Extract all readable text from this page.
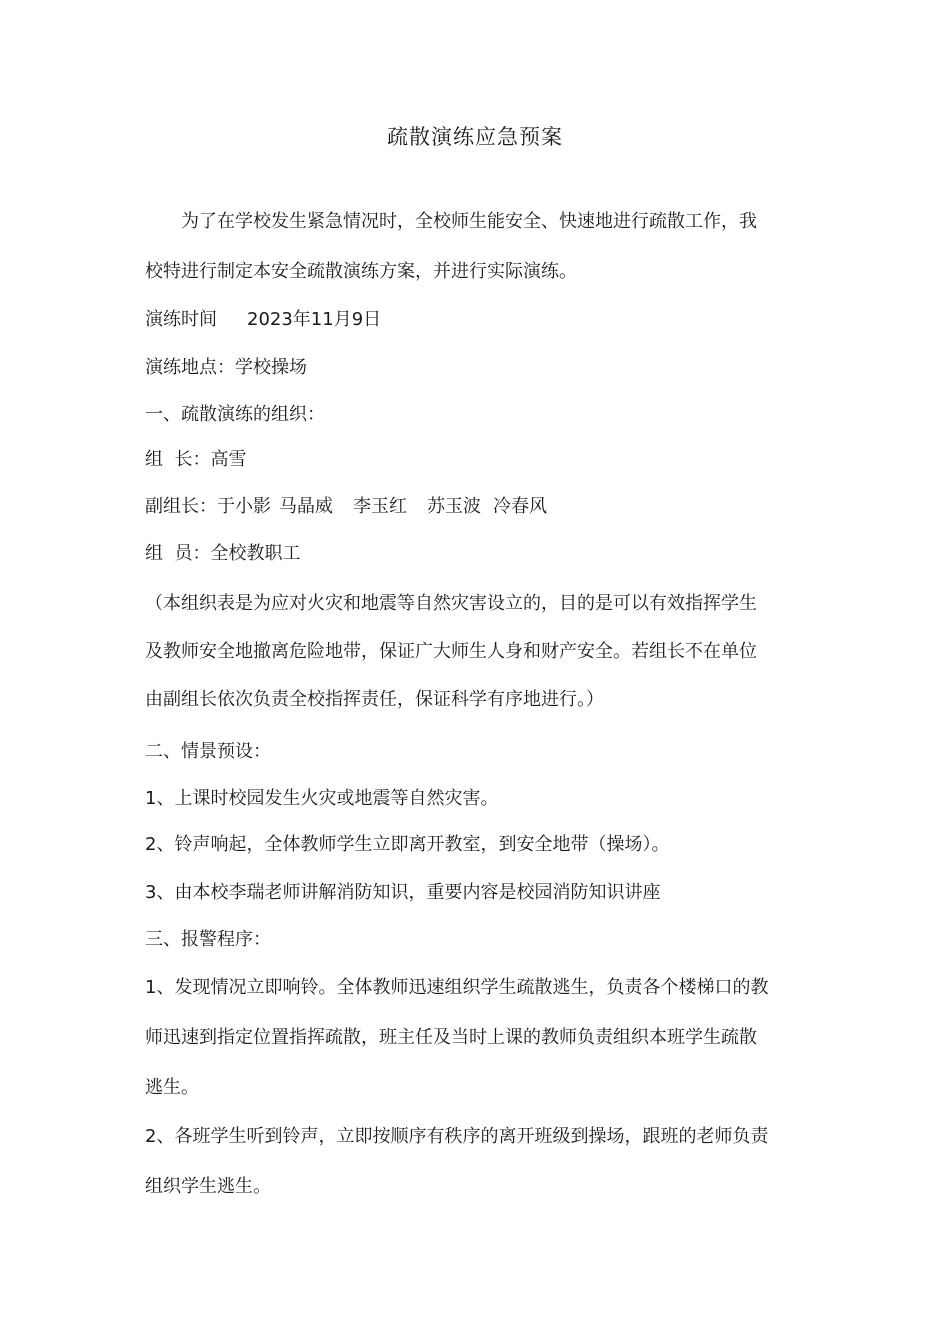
疏散演练应急预案
为了在学校发生紧急情况时，全校师生能安全、快速地进行疏散工作，我
校特进行制定本安全疏散演练方案，并进行实际演练。
演练时间 2023年11月9日
演练地点：学校操场
一、疏散演练的组织：
组  长：高雪
副组长：于小影 马晶威 李玉红 苏玉波 冷春风
组  员：全校教职工
（本组织表是为应对火灾和地震等自然灾害设立的，目的是可以有效指挥学生
及教师安全地撤离危险地带，保证广大师生人身和财产安全。若组长不在单位
由副组长依次负责全校指挥责任，保证科学有序地进行。）
二、情景预设：
1、上课时校园发生火灾或地震等自然灾害。
2、铃声响起，全体教师学生立即离开教室，到安全地带（操场）。
3、由本校李瑞老师讲解消防知识，重要内容是校园消防知识讲座
三、报警程序：
1、发现情况立即响铃。全体教师迅速组织学生疏散逃生，负责各个楼梯口的教
师迅速到指定位置指挥疏散，班主任及当时上课的教师负责组织本班学生疏散
逃生。
2、各班学生听到铃声，立即按顺序有秩序的离开班级到操场，跟班的老师负责
组织学生逃生。
